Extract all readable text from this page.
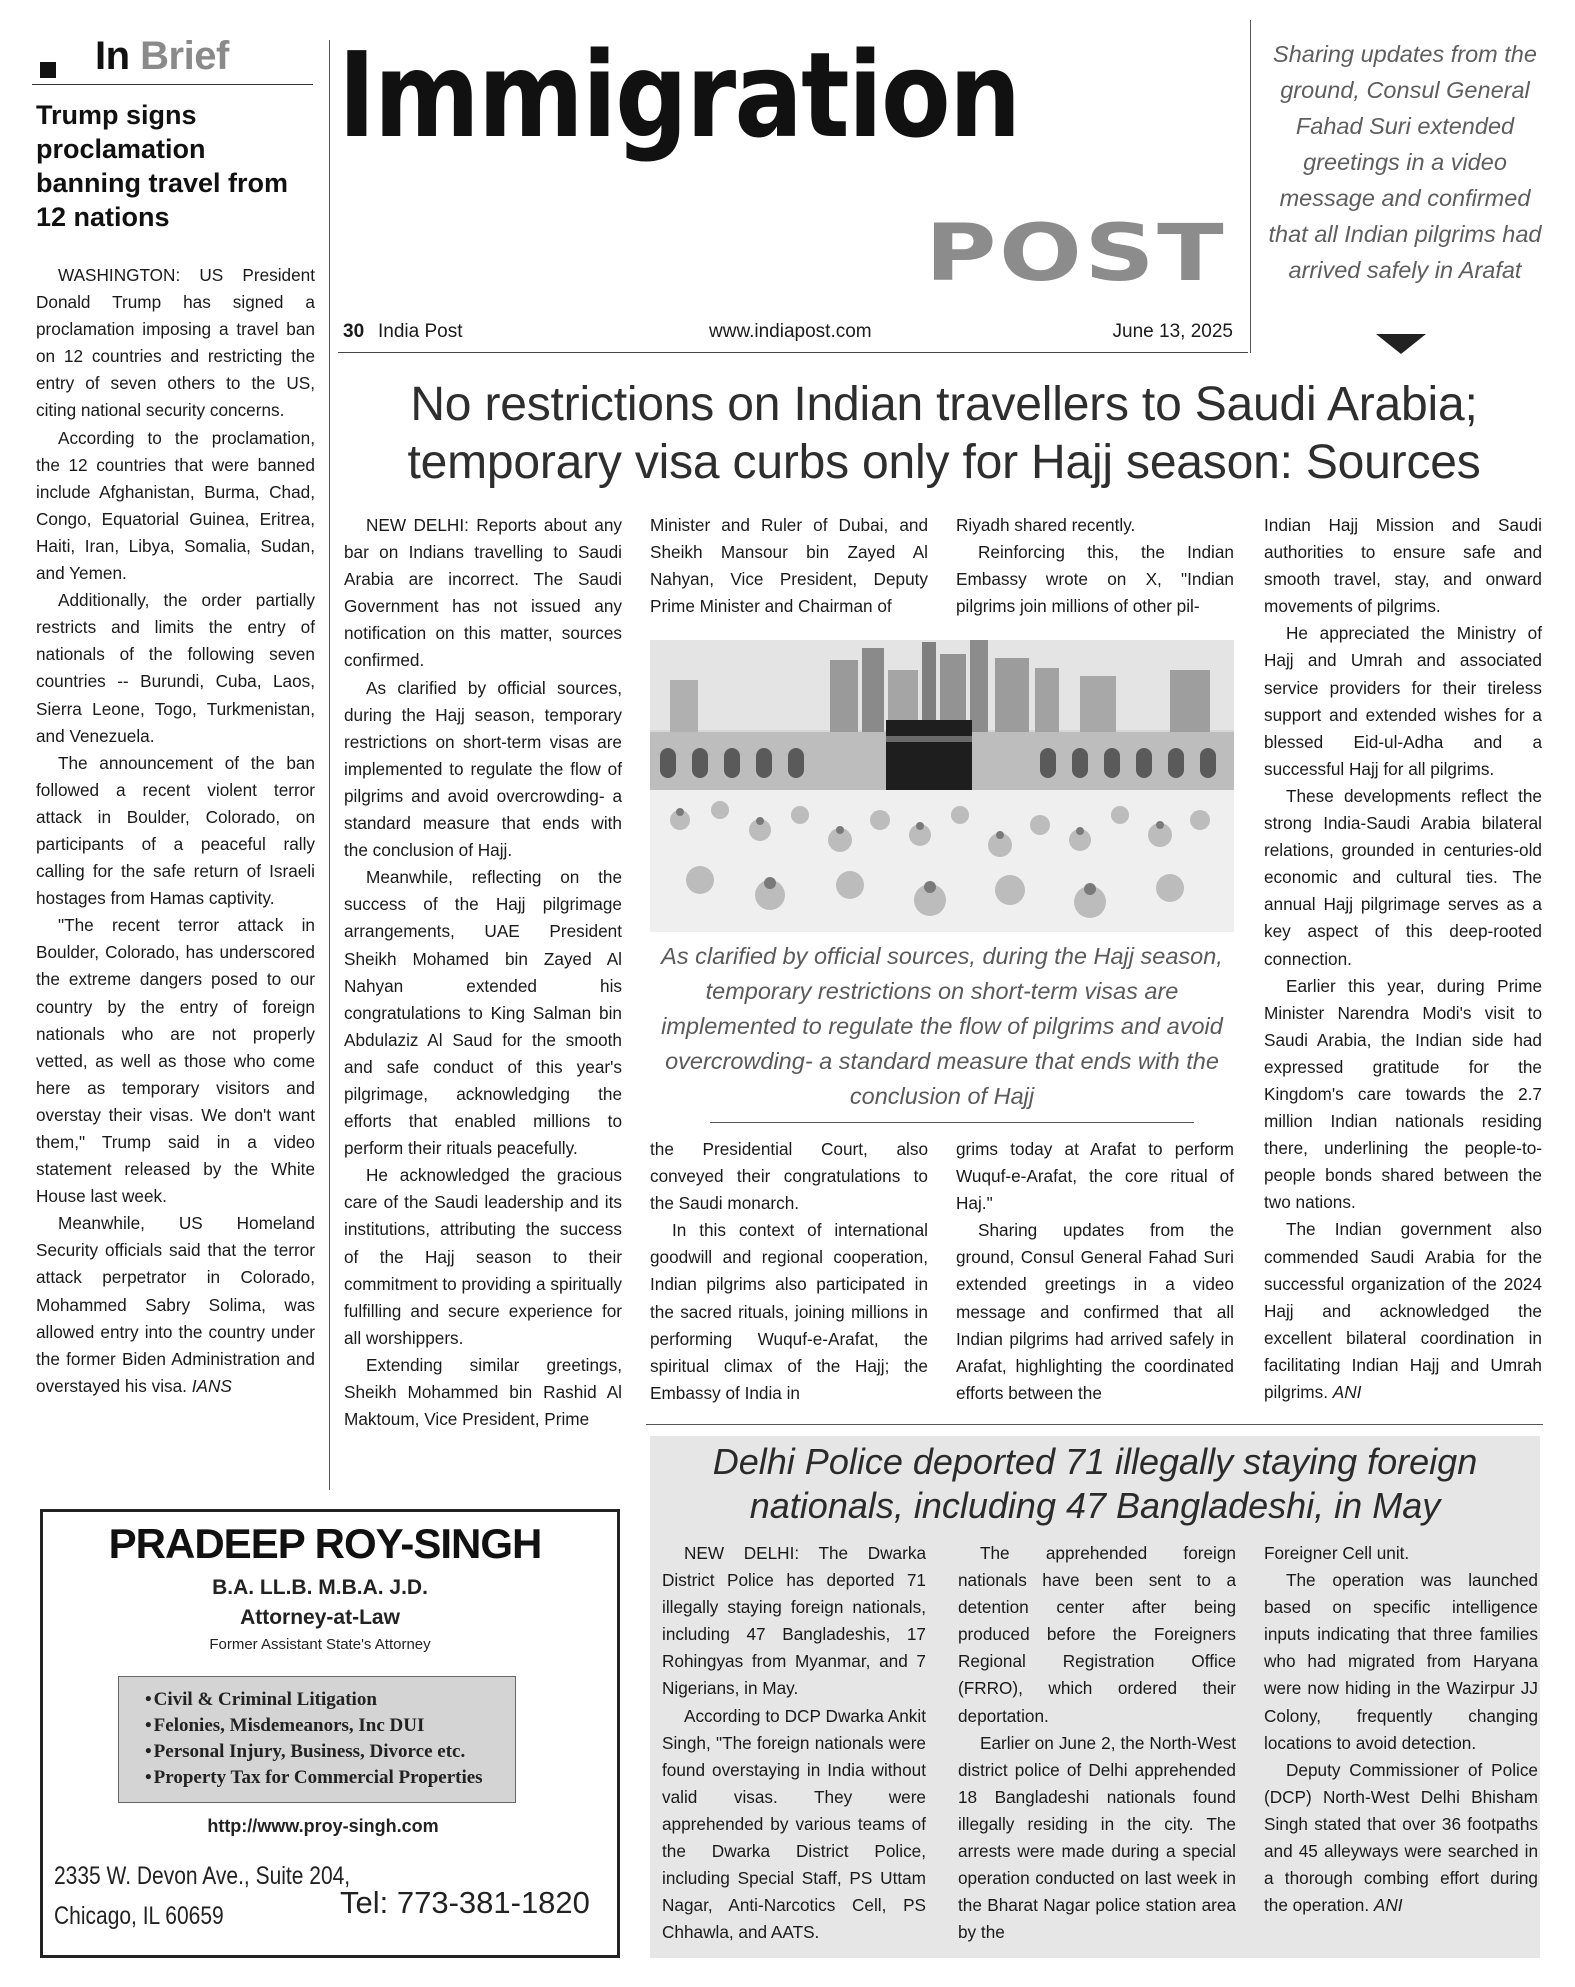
In Brief
Trump signs proclamation banning travel from 12 nations

WASHINGTON: US President Donald Trump has signed a proclamation imposing a travel ban on 12 countries and restricting the entry of seven others to the US, citing national security concerns.

According to the proclamation, the 12 countries that were banned include Afghanistan, Burma, Chad, Congo, Equatorial Guinea, Eritrea, Haiti, Iran, Libya, Somalia, Sudan, and Yemen.

Additionally, the order partially restricts and limits the entry of nationals of the following seven countries -- Burundi, Cuba, Laos, Sierra Leone, Togo, Turkmenistan, and Venezuela.

The announcement of the ban followed a recent violent terror attack in Boulder, Colorado, on participants of a peaceful rally calling for the safe return of Israeli hostages from Hamas captivity.

"The recent terror attack in Boulder, Colorado, has underscored the extreme dangers posed to our country by the entry of foreign nationals who are not properly vetted, as well as those who come here as temporary visitors and overstay their visas. We don't want them," Trump said in a video statement released by the White House last week.

Meanwhile, US Homeland Security officials said that the terror attack perpetrator in Colorado, Mohammed Sabry Solima, was allowed entry into the country under the former Biden Administration and overstayed his visa. IANS

Immigration
POST
30 India Post	www.indiapost.com	June 13, 2025
Sharing updates from the ground, Consul General Fahad Suri extended greetings in a video message and confirmed that all Indian pilgrims had arrived safely in Arafat
No restrictions on Indian travellers to Saudi Arabia; temporary visa curbs only for Hajj season: Sources

NEW DELHI: Reports about any bar on Indians travelling to Saudi Arabia are incorrect. The Saudi Government has not issued any notification on this matter, sources confirmed.

As clarified by official sources, during the Hajj season, temporary restrictions on short-term visas are implemented to regulate the flow of pilgrims and avoid overcrowding- a standard measure that ends with the conclusion of Hajj.

Meanwhile, reflecting on the success of the Hajj pilgrimage arrangements, UAE President Sheikh Mohamed bin Zayed Al Nahyan extended his congratulations to King Salman bin Abdulaziz Al Saud for the smooth and safe conduct of this year's pilgrimage, acknowledging the efforts that enabled millions to perform their rituals peacefully.

He acknowledged the gracious care of the Saudi leadership and its institutions, attributing the success of the Hajj season to their commitment to providing a spiritually fulfilling and secure experience for all worshippers.

Extending similar greetings, Sheikh Mohammed bin Rashid Al Maktoum, Vice President, Prime

Minister and Ruler of Dubai, and Sheikh Mansour bin Zayed Al Nahyan, Vice President, Deputy Prime Minister and Chairman of

Riyadh shared recently.

Reinforcing this, the Indian Embassy wrote on X, "Indian pilgrims join millions of other pil-

As clarified by official sources, during the Hajj season, temporary restrictions on short-term visas are implemented to regulate the flow of pilgrims and avoid overcrowding- a standard measure that ends with the conclusion of Hajj

the Presidential Court, also conveyed their congratulations to the Saudi monarch.

In this context of international goodwill and regional cooperation, Indian pilgrims also participated in the sacred rituals, joining millions in performing Wuquf-e-Arafat, the spiritual climax of the Hajj; the Embassy of India in

grims today at Arafat to perform Wuquf-e-Arafat, the core ritual of Haj."

Sharing updates from the ground, Consul General Fahad Suri extended greetings in a video message and confirmed that all Indian pilgrims had arrived safely in Arafat, highlighting the coordinated efforts between the

Indian Hajj Mission and Saudi authorities to ensure safe and smooth travel, stay, and onward movements of pilgrims.

He appreciated the Ministry of Hajj and Umrah and associated service providers for their tireless support and extended wishes for a blessed Eid-ul-Adha and a successful Hajj for all pilgrims.

These developments reflect the strong India-Saudi Arabia bilateral relations, grounded in centuries-old economic and cultural ties. The annual Hajj pilgrimage serves as a key aspect of this deep-rooted connection.

Earlier this year, during Prime Minister Narendra Modi's visit to Saudi Arabia, the Indian side had expressed gratitude for the Kingdom's care towards the 2.7 million Indian nationals residing there, underlining the people-to-people bonds shared between the two nations.

The Indian government also commended Saudi Arabia for the successful organization of the 2024 Hajj and acknowledged the excellent bilateral coordination in facilitating Indian Hajj and Umrah pilgrims. ANI

Delhi Police deported 71 illegally staying foreign nationals, including 47 Bangladeshi, in May

NEW DELHI: The Dwarka District Police has deported 71 illegally staying foreign nationals, including 47 Bangladeshis, 17 Rohingyas from Myanmar, and 7 Nigerians, in May.

According to DCP Dwarka Ankit Singh, "The foreign nationals were found overstaying in India without valid visas. They were apprehended by various teams of the Dwarka District Police, including Special Staff, PS Uttam Nagar, Anti-Narcotics Cell, PS Chhawla, and AATS.

The apprehended foreign nationals have been sent to a detention center after being produced before the Foreigners Regional Registration Office (FRRO), which ordered their deportation.

Earlier on June 2, the North-West district police of Delhi apprehended 18 Bangladeshi nationals found illegally residing in the city. The arrests were made during a special operation conducted on last week in the Bharat Nagar police station area by the

Foreigner Cell unit.

The operation was launched based on specific intelligence inputs indicating that three families who had migrated from Haryana were now hiding in the Wazirpur JJ Colony, frequently changing locations to avoid detection.

Deputy Commissioner of Police (DCP) North-West Delhi Bhisham Singh stated that over 36 footpaths and 45 alleyways were searched in a thorough combing effort during the operation. ANI

PRADEEP ROY-SINGH
B.A. LL.B. M.B.A. J.D.
Attorney-at-Law
Former Assistant State's Attorney
• Civil & Criminal Litigation
• Felonies, Misdemeanors, Inc DUI
• Personal Injury, Business, Divorce etc.
• Property Tax for Commercial Properties
http://www.proy-singh.com
2335 W. Devon Ave., Suite 204,
Chicago, IL 60659	Tel: 773-381-1820
